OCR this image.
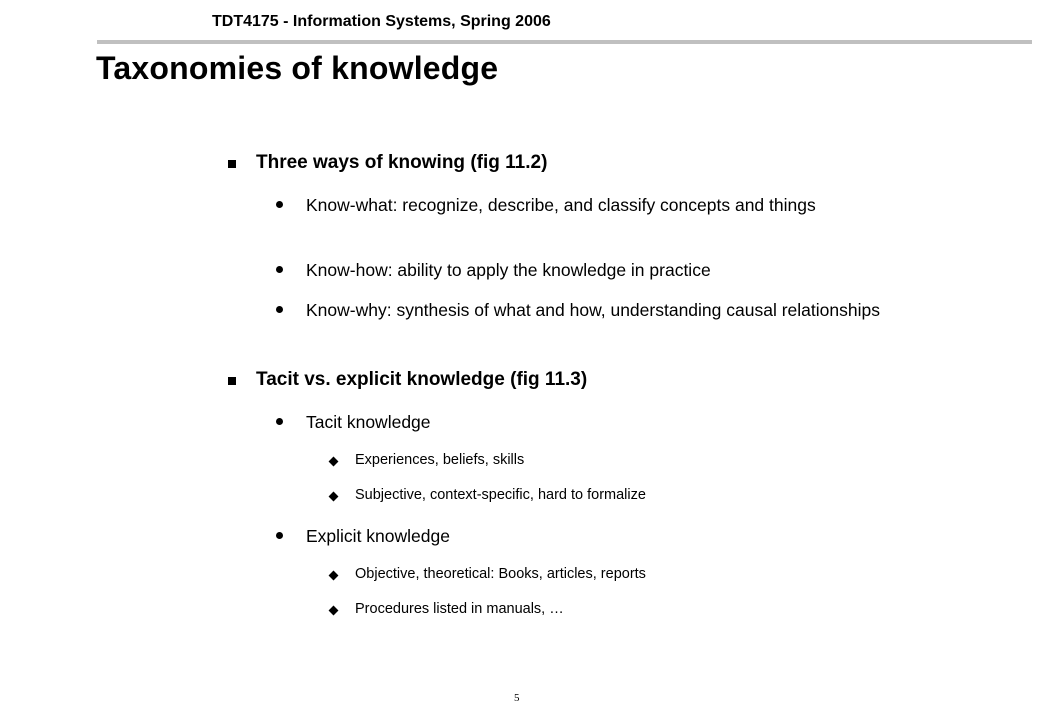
TDT4175 - Information Systems, Spring 2006
Taxonomies of knowledge
Three ways of knowing (fig 11.2)
Know-what: recognize, describe, and classify concepts and things
Know-how: ability to apply the knowledge in practice
Know-why: synthesis of what and how, understanding causal relationships
Tacit vs. explicit knowledge (fig 11.3)
Tacit knowledge
Experiences, beliefs, skills
Subjective, context-specific, hard to formalize
Explicit knowledge
Objective, theoretical: Books, articles, reports
Procedures listed in manuals, …
5
